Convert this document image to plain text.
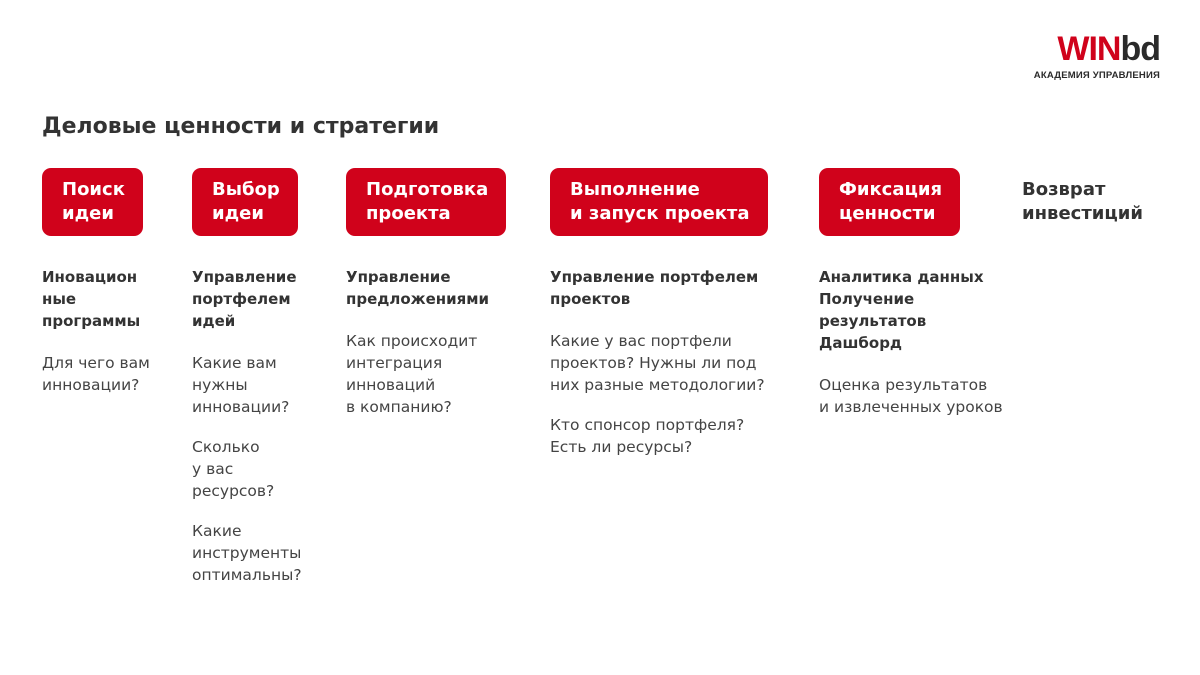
WINbd
АКАДЕМИЯ УПРАВЛЕНИЯ
Деловые ценности и стратегии
Поиск
идеи
Иновацион
ные
программы
Для чего вам
инновации?
Выбор
идеи
Управление
портфелем
идей
Какие вам
нужны
инновации?
Сколько
у вас
ресурсов?
Какие
инструменты
оптимальны?
Подготовка
проекта
Управление
предложениями
Как происходит
интеграция
инноваций
в компанию?
Выполнение
и запуск проекта
Управление портфелем
проектов
Какие у вас портфели
проектов? Нужны ли под
них разные методологии?
Кто спонсор портфеля?
Есть ли ресурсы?
Фиксация
ценности
Аналитика данных
Получение результатов
Дашборд
Оценка результатов
и извлеченных уроков
Возврат
инвестиций
